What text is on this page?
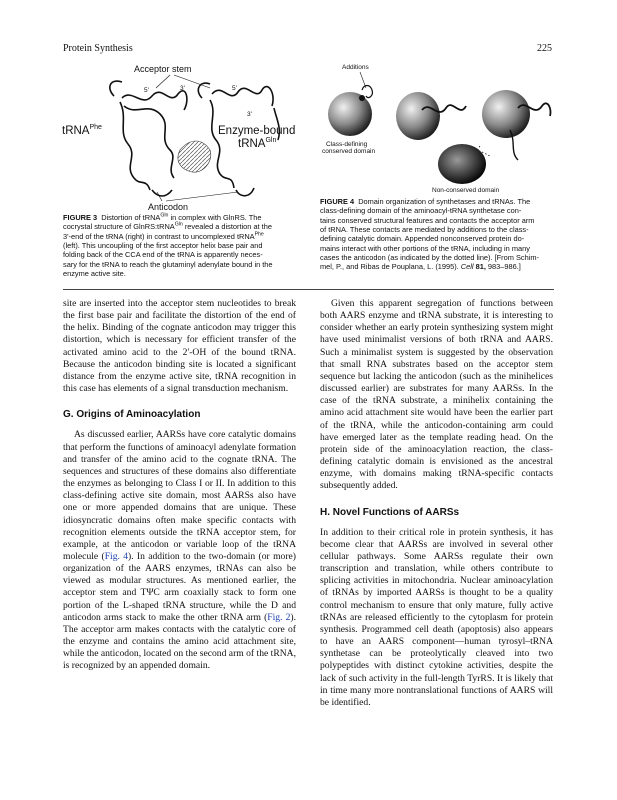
Protein Synthesis	225
Acceptor stem
5'	3'	5'
3'
tRNA$^{Phe}$	Enzyme-bound
tRNA$^{Gln}$
Anticodon
FIGURE 3  Distortion of tRNA$^{Gln}$ in complex with GlnRS. The
cocrystal structure of GlnRS:tRNA$^{Gln}$ revealed a distortion at the
3'-end of the tRNA (right) in contrast to uncomplexed tRNA$^{Phe}$
(left). This uncoupling of the first acceptor helix base pair and
folding back of the CCA end of the tRNA is apparently neces-
sary for the tRNA to reach the glutaminyl adenylate bound in the
enzyme active site.
Additions
Class-defining
conserved domain
Non-conserved domain
FIGURE 4  Domain organization of synthetases and tRNAs. The
class-defining domain of the aminoacyl-tRNA synthetase con-
tains conserved structural features and contacts the acceptor arm
of tRNA. These contacts are mediated by additions to the class-
defining catalytic domain. Appended nonconserved protein do-
mains interact with other portions of the tRNA, including in many
cases the anticodon (as indicated by the dotted line). [From Schim-
mel, P., and Ribas de Pouplana, L. (1995). Cell 81, 983–986.]

site are inserted into the acceptor stem nucleotides to break the first base pair and facilitate the distortion of the end of the helix. Binding of the cognate anticodon may trigger this distortion, which is necessary for efficient transfer of the activated amino acid to the 2'-OH of the bound tRNA. Because the anticodon binding site is located a significant distance from the enzyme active site, tRNA recognition in this case has elements of a signal transduction mechanism.

G. Origins of Aminoacylation

As discussed earlier, AARSs have core catalytic domains that perform the functions of aminoacyl adenylate formation and transfer of the amino acid to the cognate tRNA. The sequences and structures of these domains also differentiate the enzymes as belonging to Class I or II. In addition to this class-defining active site domain, most AARSs also have one or more appended domains that are unique. These idiosyncratic domains often make specific contacts with recognition elements outside the tRNA acceptor stem, for example, at the anticodon or variable loop of the tRNA molecule (Fig. 4). In addition to the two-domain (or more) organization of the AARS enzymes, tRNAs can also be viewed as modular structures. As mentioned earlier, the acceptor stem and TΨC arm coaxially stack to form one portion of the L-shaped tRNA structure, while the D and anticodon arms stack to make the other tRNA arm (Fig. 2). The acceptor arm makes contacts with the catalytic core of the enzyme and contains the amino acid attachment site, while the anticodon, located on the second arm of the tRNA, is recognized by an appended domain.

Given this apparent segregation of functions between both AARS enzyme and tRNA substrate, it is interesting to consider whether an early protein synthesizing system might have used minimalist versions of both tRNA and AARS. Such a minimalist system is suggested by the observation that small RNA substrates based on the acceptor stem sequence but lacking the anticodon (such as the minihelices discussed earlier) are substrates for many AARSs. In the case of the tRNA substrate, a minihelix containing the amino acid attachment site would have been the earlier part of the tRNA, while the anticodon-containing arm could have emerged later as the template reading head. On the protein side of the aminoacylation reaction, the class-defining catalytic domain is envisioned as the ancestral enzyme, with domains making tRNA-specific contacts subsequently added.

H. Novel Functions of AARSs

In addition to their critical role in protein synthesis, it has become clear that AARSs are involved in several other cellular pathways. Some AARSs regulate their own transcription and translation, while others contribute to splicing activities in mitochondria. Nuclear aminoacylation of tRNAs by imported AARSs is thought to be a quality control mechanism to ensure that only mature, fully active tRNAs are released efficiently to the cytoplasm for protein synthesis. Programmed cell death (apoptosis) also appears to have an AARS component—human tyrosyl–tRNA synthetase can be proteolytically cleaved into two polypeptides with distinct cytokine activities, despite the lack of such activity in the full-length TyrRS. It is likely that in time many more nontranslational functions of AARS will be identified.
